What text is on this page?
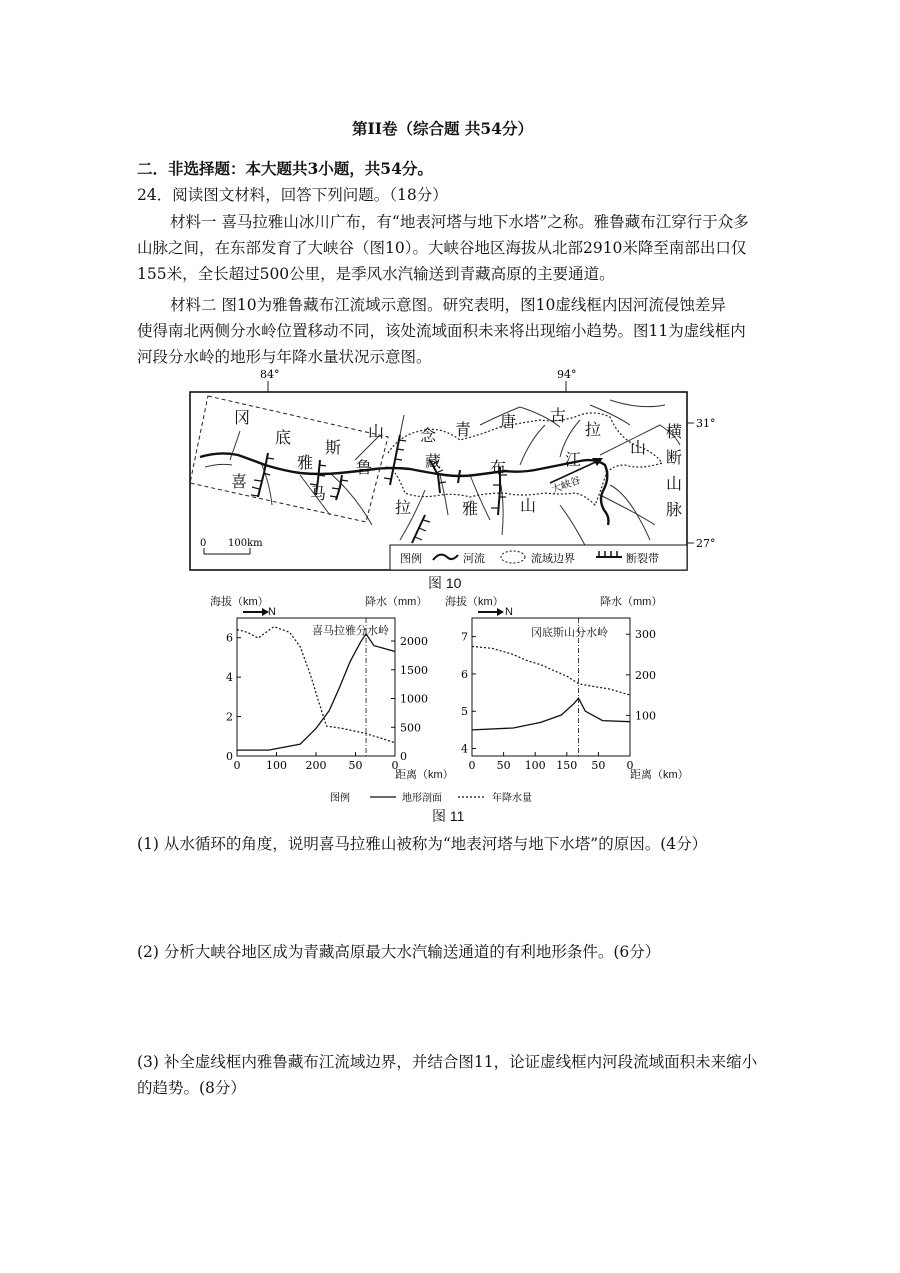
第II卷（综合题 共54分）
二．非选择题：本大题共3小题，共54分。
24．阅读图文材料，回答下列问题。（18分）
材料一 喜马拉雅山冰川广布，有“地表河塔与地下水塔”之称。雅鲁藏布江穿行于众多
山脉之间，在东部发育了大峡谷（图10）。大峡谷地区海拔从北部2910米降至南部出口仅
155米，全长超过500公里，是季风水汽输送到青藏高原的主要通道。
材料二 图10为雅鲁藏布江流域示意图。研究表明，图10虚线框内因河流侵蚀差异
使得南北两侧分水岭位置移动不同，该处流域面积未来将出现缩小趋势。图11为虚线框内
河段分水岭的地形与年降水量状况示意图。
84°	94°
31°
27°
冈
底
斯
山 念 青 唐 古
拉
山
横
断
山
脉
雅	鲁	藏	布	江
喜
马
拉	雅	山
大峡谷
0 100km
图例	河流	流域边界	断裂带
图 10
0
2
4
6
0
500
1000
1500
2000
0 100 200 50	0
4
5
6
7
100
200
300
0 50 100 150 50 0
海拔（km）	降水（mm）
喜马拉雅分水岭
N
距离（km）
海拔（km）	降水（mm）
冈底斯山分水岭
N
距离（km）
图例	地形剖面	年降水量
图 11
(1) 从水循环的角度，说明喜马拉雅山被称为“地表河塔与地下水塔”的原因。(4分）
(2) 分析大峡谷地区成为青藏高原最大水汽输送通道的有利地形条件。(6分）
(3) 补全虚线框内雅鲁藏布江流域边界，并结合图11，论证虚线框内河段流域面积未来缩小
的趋势。(8分）
